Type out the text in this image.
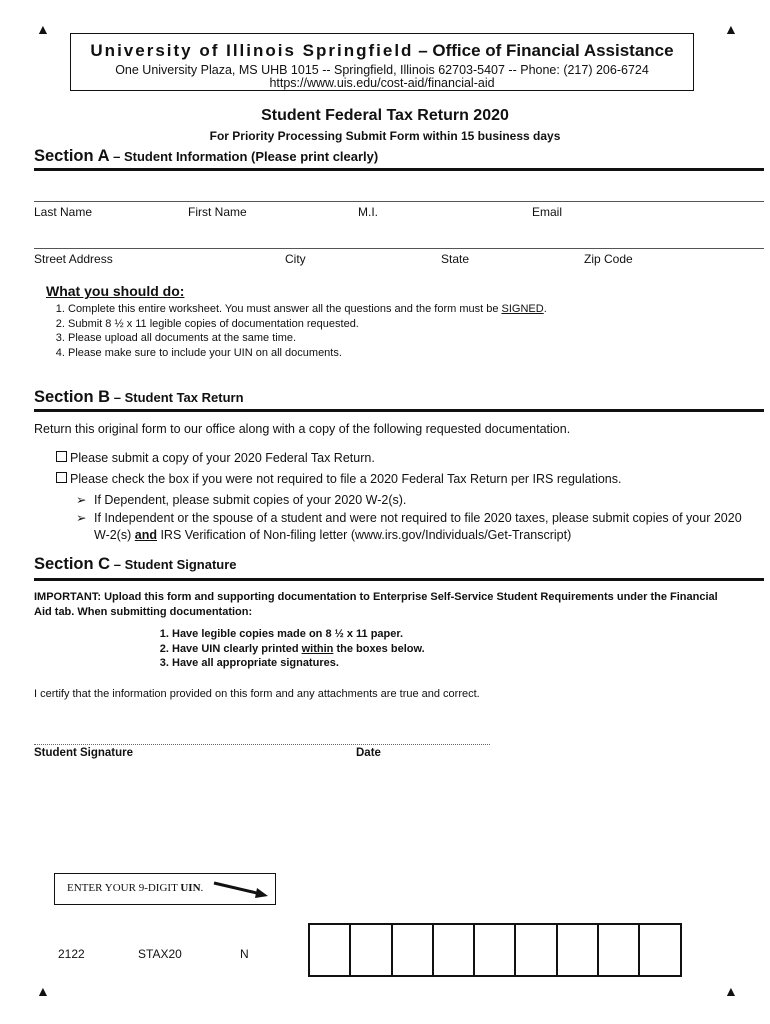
▲	▲
▲	▲
University of Illinois Springfield – Office of Financial Assistance
One University Plaza, MS UHB 1015 -- Springfield, Illinois 62703-5407 -- Phone: (217) 206-6724
https://www.uis.edu/cost-aid/financial-aid
Student Federal Tax Return 2020
For Priority Processing Submit Form within 15 business days
Section A – Student Information (Please print clearly)
Last Name	First Name	M.I.	Email
Street Address	City	State	Zip Code
What you should do:
1. Complete this entire worksheet. You must answer all the questions and the form must be SIGNED.
2. Submit 8 ½ x 11 legible copies of documentation requested.
3. Please upload all documents at the same time.
4. Please make sure to include your UIN on all documents.
Section B – Student Tax Return
Return this original form to our office along with a copy of the following requested documentation.
Please submit a copy of your 2020 Federal Tax Return.
Please check the box if you were not required to file a 2020 Federal Tax Return per IRS regulations.
➢ If Dependent, please submit copies of your 2020 W-2(s).
➢ If Independent or the spouse of a student and were not required to file 2020 taxes, please submit copies of your 2020 W-2(s) and IRS Verification of Non-filing letter (www.irs.gov/Individuals/Get-Transcript)
Section C – Student Signature
IMPORTANT: Upload this form and supporting documentation to Enterprise Self-Service Student Requirements under the Financial Aid tab. When submitting documentation:
1. Have legible copies made on 8 ½ x 11 paper.
2. Have UIN clearly printed within the boxes below.
3. Have all appropriate signatures.
I certify that the information provided on this form and any attachments are true and correct.
Student Signature	Date
ENTER YOUR 9-DIGIT UIN.
2122	STAX20	N
